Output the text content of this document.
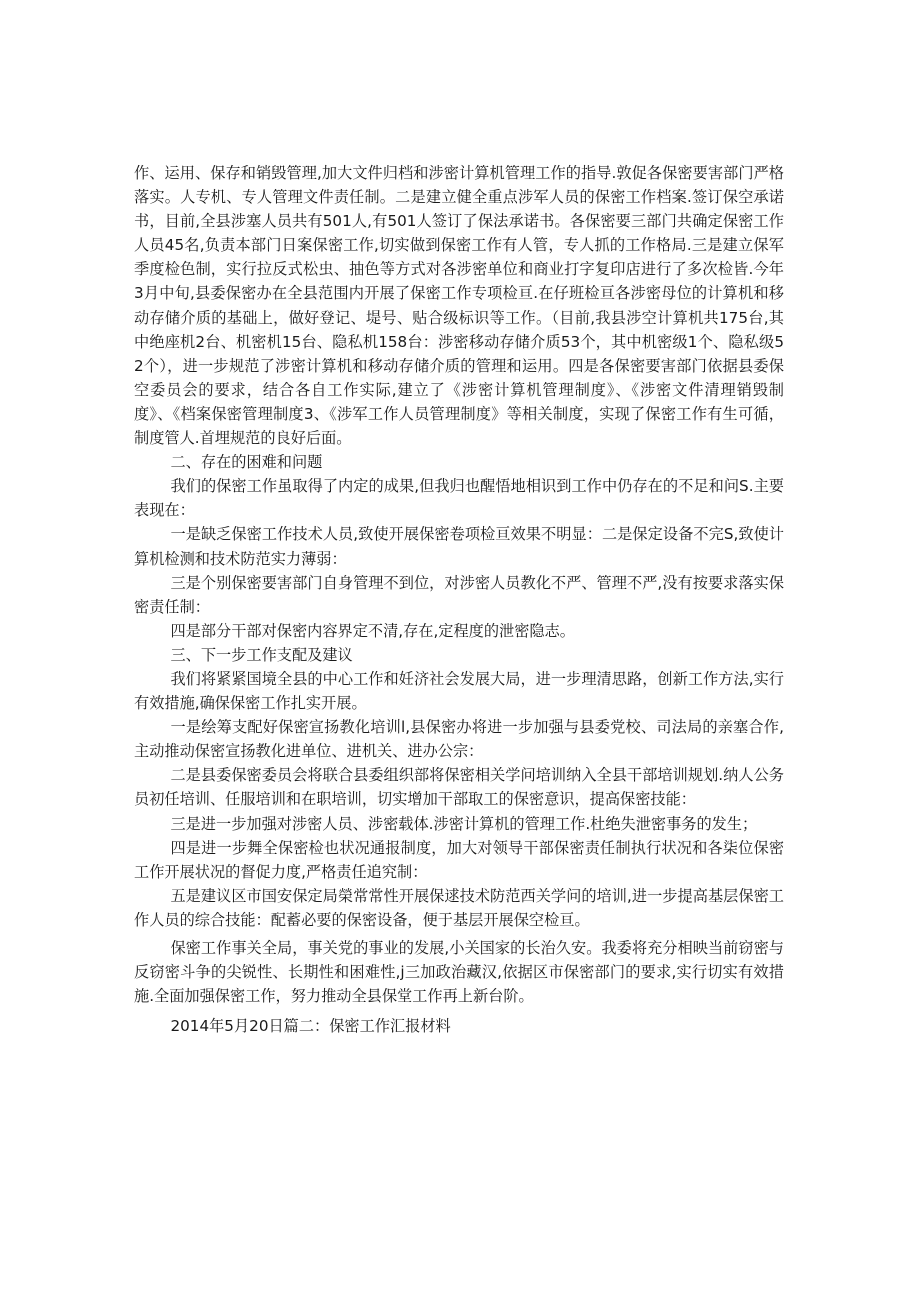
作、运用、保存和销毁管理,加大文件归档和涉密计算机管理工作的指导.敦促各保密要害部门严格落实。人专机、专人管理文件责任制。二是建立健全重点涉军人员的保密工作档案.签订保空承诺书，目前,全县涉塞人员共有501人,有501人签订了保法承诺书。各保密要三部门共确定保密工作人员45名,负责本部门日案保密工作,切实做到保密工作有人管，专人抓的工作格局.三是建立保军季度检色制，实行拉反式松虫、抽色等方式对各涉密单位和商业打字复印店进行了多次检皆.今年3月中旬,县委保密办在全县范围内开展了保密工作专项检亘.在仔班检亘各涉密母位的计算机和移动存储介质的基础上，做好登记、堤号、贴合级标识等工作。（目前,我县涉空计算机共175台,其中绝座机2台、机密机15台、隐私机158台：涉密移动存储介质53个，其中机密级1个、隐私级52个），进一步规范了涉密计算机和移动存储介质的管理和运用。四是各保密要害部门依据县委保空委员会的要求，结合各自工作实际,建立了《涉密计算机管理制度》、《涉密文件清理销毁制度》、《档案保密管理制度3、《涉军工作人员管理制度》等相关制度，实现了保密工作有生可循，制度管人.首埋规范的良好后面。

二、存在的困难和问题

我们的保密工作虽取得了内定的成果,但我归也醒悟地相识到工作中仍存在的不足和问S.主要表现在：

一是缺乏保密工作技术人员,致使开展保密卷项检亘效果不明显：二是保定设备不完S,致使计算机检测和技术防范实力薄弱：

三是个别保密要害部门自身管理不到位，对涉密人员教化不严、管理不严,没有按要求落实保密责任制：

四是部分干部对保密内容界定不清,存在,定程度的泄密隐志。

三、下一步工作支配及建议

我们将紧紧国境全县的中心工作和妊济社会发展大局，进一步理清思路，创新工作方法,实行有效措施,确保保密工作扎实开展。

一是绘筹支配好保密宣扬教化培训l,县保密办将进一步加强与县委党校、司法局的亲塞合作,主动推动保密宣扬教化进单位、进机关、进办公宗：

二是县委保密委员会将联合县委组织部将保密相关学问培训纳入全县干部培训规划.纳人公务员初任培训、任服培训和在职培训，切实增加干部取工的保密意识，提高保密技能：

三是进一步加强对涉密人员、涉密载体.涉密计算机的管理工作.杜绝失泄密事务的发生；

四是进一步舞全保密检也状况通报制度，加大对领导干部保密责任制执行状况和各柒位保密工作开展状况的督促力度,严格责任追究制：

五是建议区市国安保定局榮常常性开展保逑技术防范西关学问的培训,进一步提高基层保密工作人员的综合技能：配蓄必要的保密设备，便于基层开展保空检亘。

保密工作事关全局，事关党的事业的发展,小关国家的长治久安。我委将充分相映当前窃密与反窃密斗争的尖锐性、长期性和困难性,j三加政治藏汉,依据区市保密部门的要求,实行切实有效措施.全面加强保密工作，努力推动全县保堂工作再上新台阶。

2014年5月20日篇二：保密工作汇报材料
